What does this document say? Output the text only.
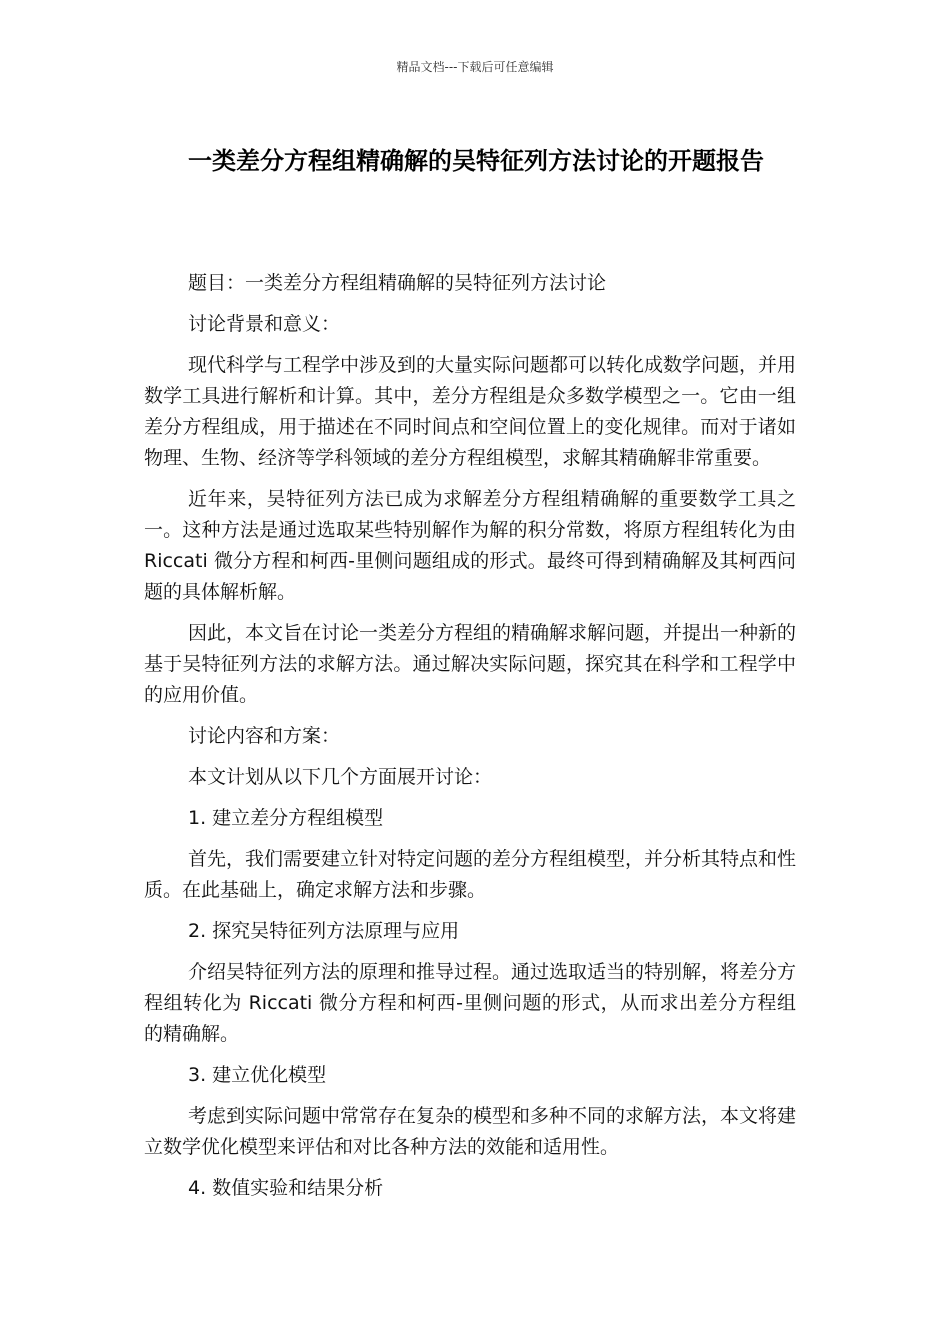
精品文档---下载后可任意编辑
一类差分方程组精确解的吴特征列方法讨论的开题报告

题目：一类差分方程组精确解的吴特征列方法讨论

讨论背景和意义：

现代科学与工程学中涉及到的大量实际问题都可以转化成数学问题，并用数学工具进行解析和计算。其中，差分方程组是众多数学模型之一。它由一组差分方程组成，用于描述在不同时间点和空间位置上的变化规律。而对于诸如物理、生物、经济等学科领域的差分方程组模型，求解其精确解非常重要。

近年来，吴特征列方法已成为求解差分方程组精确解的重要数学工具之一。这种方法是通过选取某些特别解作为解的积分常数，将原方程组转化为由 Riccati 微分方程和柯西-里侧问题组成的形式。最终可得到精确解及其柯西问题的具体解析解。

因此，本文旨在讨论一类差分方程组的精确解求解问题，并提出一种新的基于吴特征列方法的求解方法。通过解决实际问题，探究其在科学和工程学中的应用价值。

讨论内容和方案：

本文计划从以下几个方面展开讨论：

1. 建立差分方程组模型

首先，我们需要建立针对特定问题的差分方程组模型，并分析其特点和性质。在此基础上，确定求解方法和步骤。

2. 探究吴特征列方法原理与应用

介绍吴特征列方法的原理和推导过程。通过选取适当的特别解，将差分方程组转化为 Riccati 微分方程和柯西-里侧问题的形式，从而求出差分方程组的精确解。

3. 建立优化模型

考虑到实际问题中常常存在复杂的模型和多种不同的求解方法，本文将建立数学优化模型来评估和对比各种方法的效能和适用性。

4. 数值实验和结果分析
